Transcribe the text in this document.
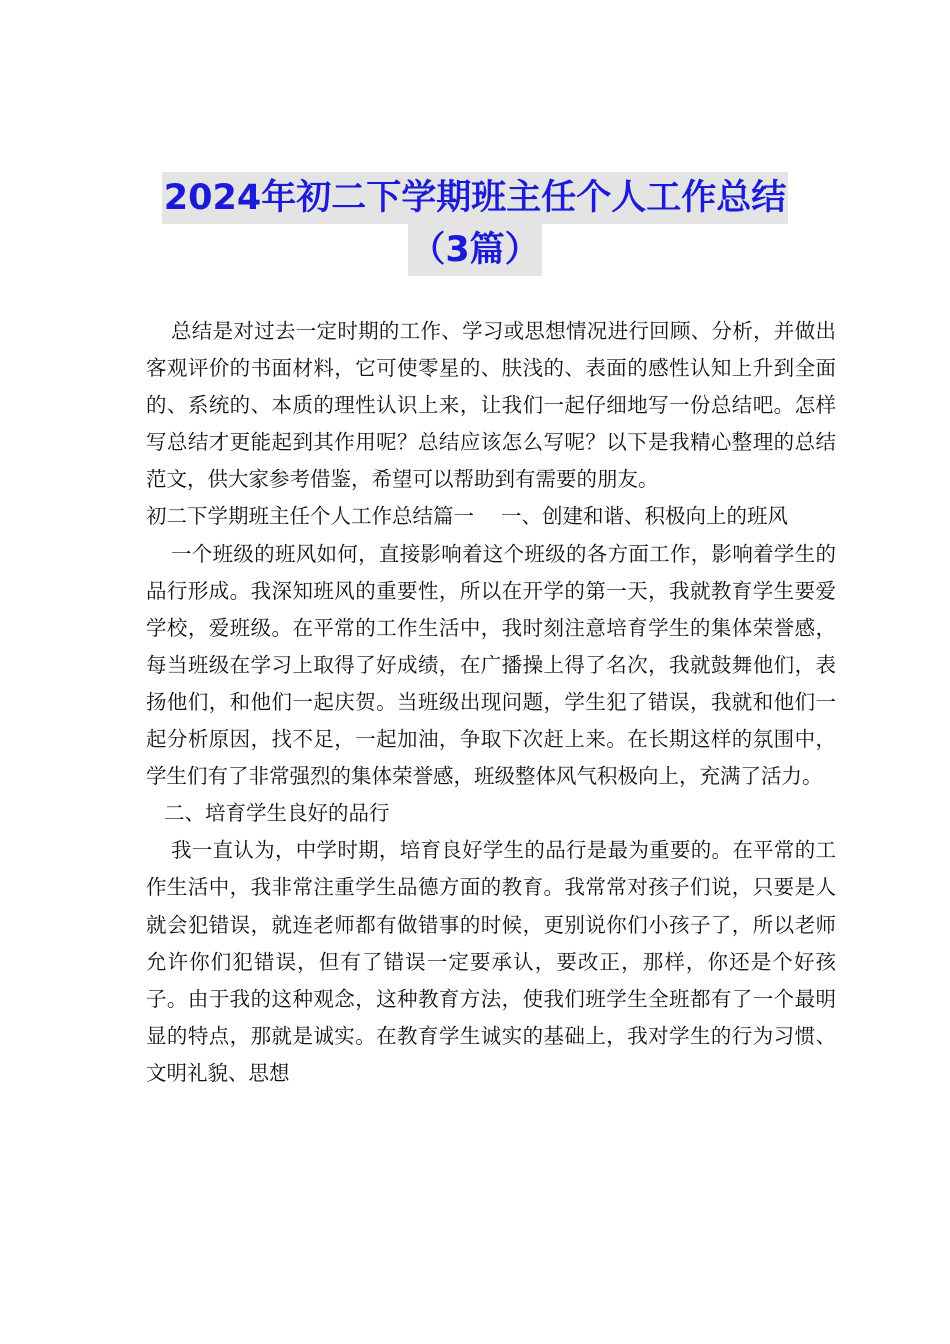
2024年初二下学期班主任个人工作总结
（3篇）

总结是对过去一定时期的工作、学习或思想情况进行回顾、分析，并做出客观评价的书面材料，它可使零星的、肤浅的、表面的感性认知上升到全面的、系统的、本质的理性认识上来，让我们一起仔细地写一份总结吧。怎样写总结才更能起到其作用呢？总结应该怎么写呢？以下是我精心整理的总结范文，供大家参考借鉴，希望可以帮助到有需要的朋友。

初二下学期班主任个人工作总结篇一　 一、创建和谐、积极向上的班风

一个班级的班风如何，直接影响着这个班级的各方面工作，影响着学生的品行形成。我深知班风的重要性，所以在开学的第一天，我就教育学生要爱学校，爱班级。在平常的工作生活中，我时刻注意培育学生的集体荣誉感，每当班级在学习上取得了好成绩，在广播操上得了名次，我就鼓舞他们，表扬他们，和他们一起庆贺。当班级出现问题，学生犯了错误，我就和他们一起分析原因，找不足，一起加油，争取下次赶上来。在长期这样的氛围中，学生们有了非常强烈的集体荣誉感，班级整体风气积极向上，充满了活力。

二、培育学生良好的品行

我一直认为，中学时期，培育良好学生的品行是最为重要的。在平常的工作生活中，我非常注重学生品德方面的教育。我常常对孩子们说，只要是人就会犯错误，就连老师都有做错事的时候，更别说你们小孩子了，所以老师允许你们犯错误，但有了错误一定要承认，要改正，那样，你还是个好孩子。由于我的这种观念，这种教育方法，使我们班学生全班都有了一个最明显的特点，那就是诚实。在教育学生诚实的基础上，我对学生的行为习惯、文明礼貌、思想
